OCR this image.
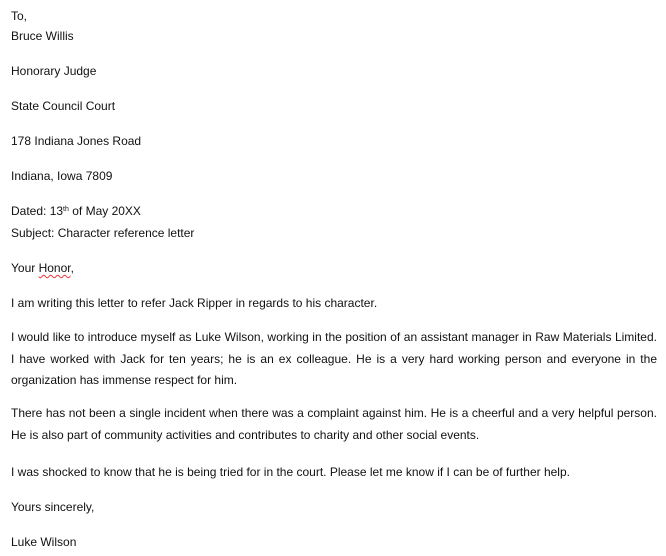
To,
Bruce Willis
Honorary Judge
State Council Court
178 Indiana Jones Road
Indiana, Iowa 7809
Dated: 13th of May 20XX
Subject: Character reference letter
Your Honor,
I am writing this letter to refer Jack Ripper in regards to his character.
I would like to introduce myself as Luke Wilson, working in the position of an assistant manager in Raw Materials Limited. I have worked with Jack for ten years; he is an ex colleague. He is a very hard working person and everyone in the organization has immense respect for him.
There has not been a single incident when there was a complaint against him. He is a cheerful and a very helpful person. He is also part of community activities and contributes to charity and other social events.
I was shocked to know that he is being tried for in the court. Please let me know if I can be of further help.
Yours sincerely,
Luke Wilson
